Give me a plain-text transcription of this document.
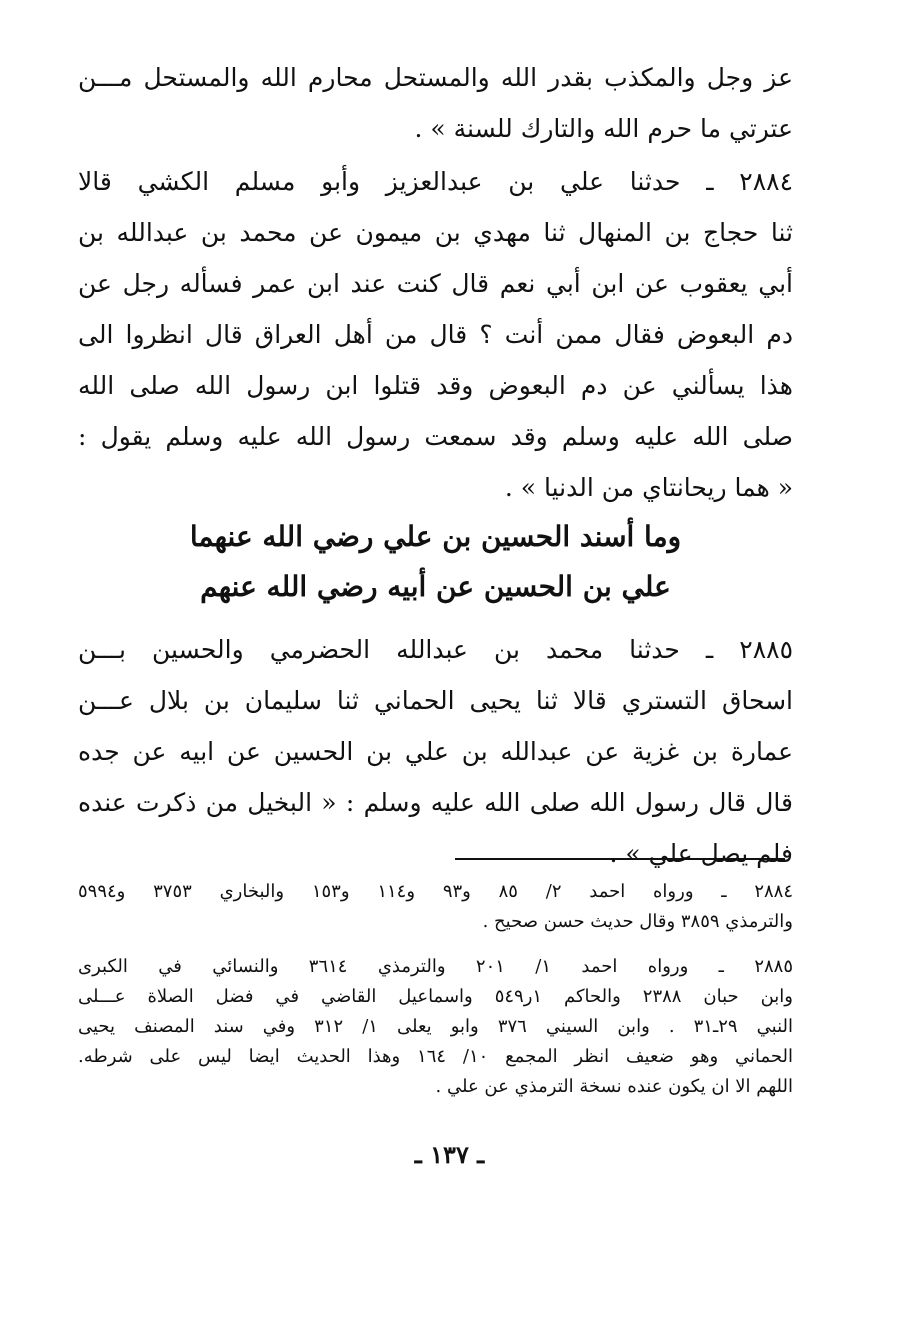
عز وجل والمكذب بقدر الله والمستحل محارم الله والمستحل مـــن
عترتي ما حرم الله والتارك للسنة » .
٢٨٨٤ ـ حدثنا علي بن عبدالعزيز وأبو مسلم الكشي قالا
ثنا حجاج بن المنهال ثنا مهدي بن ميمون عن محمد بن عبدالله بن
أبي يعقوب عن ابن أبي نعم قال كنت عند ابن عمر فسأله رجل عن
دم البعوض فقال ممن أنت ؟ قال من أهل العراق قال انظروا الى
هذا يسألني عن دم البعوض وقد قتلوا ابن رسول الله صلى الله
صلى الله عليه وسلم وقد سمعت رسول الله عليه وسلم يقول :
« هما ريحانتاي من الدنيا » .
وما أسند الحسين بن علي رضي الله عنهما
علي بن الحسين عن أبيه رضي الله عنهم
٢٨٨٥ ـ حدثنا محمد بن عبدالله الحضرمي والحسين بـــن
اسحاق التستري قالا ثنا يحيى الحماني ثنا سليمان بن بلال عـــن
عمارة بن غزية عن عبدالله بن علي بن الحسين عن ابيه عن جده
قال قال رسول الله صلى الله عليه وسلم : « البخيل من ذكرت عنده
فلم يصل علي » .
٢٨٨٤ ـ ورواه احمد ٢/ ٨٥ و٩٣ و١١٤ و١٥٣ والبخاري ٣٧٥٣ و٥٩٩٤
والترمذي ٣٨٥٩ وقال حديث حسن صحيح .
٢٨٨٥ ـ ورواه احمد ١/ ٢٠١ والترمذي ٣٦١٤ والنسائي في الكبرى
وابن حبان ٢٣٨٨ والحاكم ١ر٥٤٩ واسماعيل القاضي في فضل الصلاة عـــلى
النبي ٢٩ـ٣١ . وابن السيني ٣٧٦ وابو يعلى ١/ ٣١٢ وفي سند المصنف يحيى
الحماني وهو ضعيف انظر المجمع ١٠/ ١٦٤ وهذا الحديث ايضا ليس على شرطه.
اللهم الا ان يكون عنده نسخة الترمذي عن علي .
ـ ١٣٧ ـ
